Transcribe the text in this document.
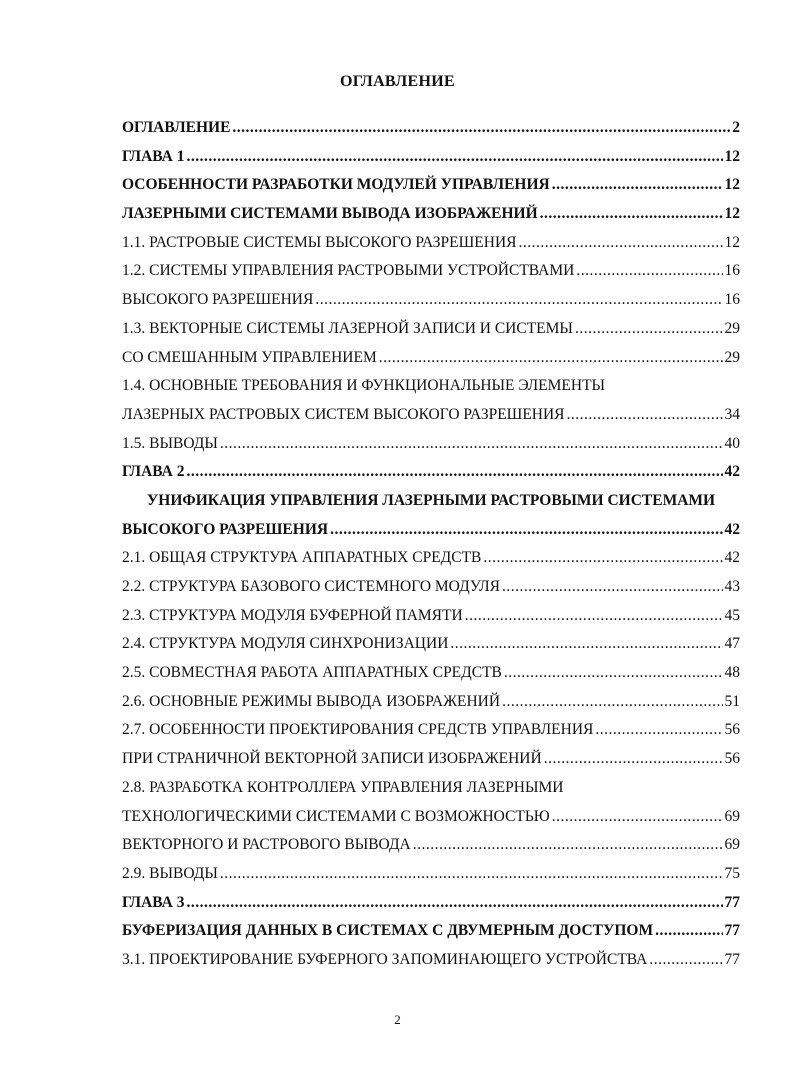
ОГЛАВЛЕНИЕ
ОГЛАВЛЕНИЕ .....	2
ГЛАВА 1 .....	12
ОСОБЕННОСТИ РАЗРАБОТКИ МОДУЛЕЙ УПРАВЛЕНИЯ .....	12
ЛАЗЕРНЫМИ СИСТЕМАМИ ВЫВОДА ИЗОБРАЖЕНИЙ .....	12
1.1. РАСТРОВЫЕ СИСТЕМЫ ВЫСОКОГО РАЗРЕШЕНИЯ .....	12
1.2. СИСТЕМЫ УПРАВЛЕНИЯ РАСТРОВЫМИ УСТРОЙСТВАМИ .....	16
ВЫСОКОГО РАЗРЕШЕНИЯ .....	16
1.3. ВЕКТОРНЫЕ СИСТЕМЫ ЛАЗЕРНОЙ ЗАПИСИ И СИСТЕМЫ .....	29
СО СМЕШАННЫМ УПРАВЛЕНИЕМ .....	29
1.4. ОСНОВНЫЕ ТРЕБОВАНИЯ И ФУНКЦИОНАЛЬНЫЕ ЭЛЕМЕНТЫ
ЛАЗЕРНЫХ РАСТРОВЫХ СИСТЕМ ВЫСОКОГО РАЗРЕШЕНИЯ .....	34
1.5. ВЫВОДЫ .....	40
ГЛАВА 2 .....	42
УНИФИКАЦИЯ УПРАВЛЕНИЯ ЛАЗЕРНЫМИ РАСТРОВЫМИ СИСТЕМАМИ
ВЫСОКОГО РАЗРЕШЕНИЯ .....	42
2.1. ОБЩАЯ СТРУКТУРА АППАРАТНЫХ СРЕДСТВ .....	42
2.2. СТРУКТУРА БАЗОВОГО СИСТЕМНОГО МОДУЛЯ .....	43
2.3. СТРУКТУРА МОДУЛЯ БУФЕРНОЙ ПАМЯТИ .....	45
2.4. СТРУКТУРА МОДУЛЯ СИНХРОНИЗАЦИИ .....	47
2.5. СОВМЕСТНАЯ РАБОТА АППАРАТНЫХ СРЕДСТВ .....	48
2.6. ОСНОВНЫЕ РЕЖИМЫ ВЫВОДА ИЗОБРАЖЕНИЙ .....	51
2.7. ОСОБЕННОСТИ ПРОЕКТИРОВАНИЯ СРЕДСТВ УПРАВЛЕНИЯ .....	56
ПРИ СТРАНИЧНОЙ ВЕКТОРНОЙ ЗАПИСИ ИЗОБРАЖЕНИЙ .....	56
2.8. РАЗРАБОТКА КОНТРОЛЛЕРА УПРАВЛЕНИЯ ЛАЗЕРНЫМИ
ТЕХНОЛОГИЧЕСКИМИ СИСТЕМАМИ С ВОЗМОЖНОСТЬЮ .....	69
ВЕКТОРНОГО И РАСТРОВОГО ВЫВОДА .....	69
2.9. ВЫВОДЫ .....	75
ГЛАВА 3 .....	77
БУФЕРИЗАЦИЯ ДАННЫХ В СИСТЕМАХ С ДВУМЕРНЫМ ДОСТУПОМ .....	77
3.1. ПРОЕКТИРОВАНИЕ БУФЕРНОГО ЗАПОМИНАЮЩЕГО УСТРОЙСТВА .....	77
2
